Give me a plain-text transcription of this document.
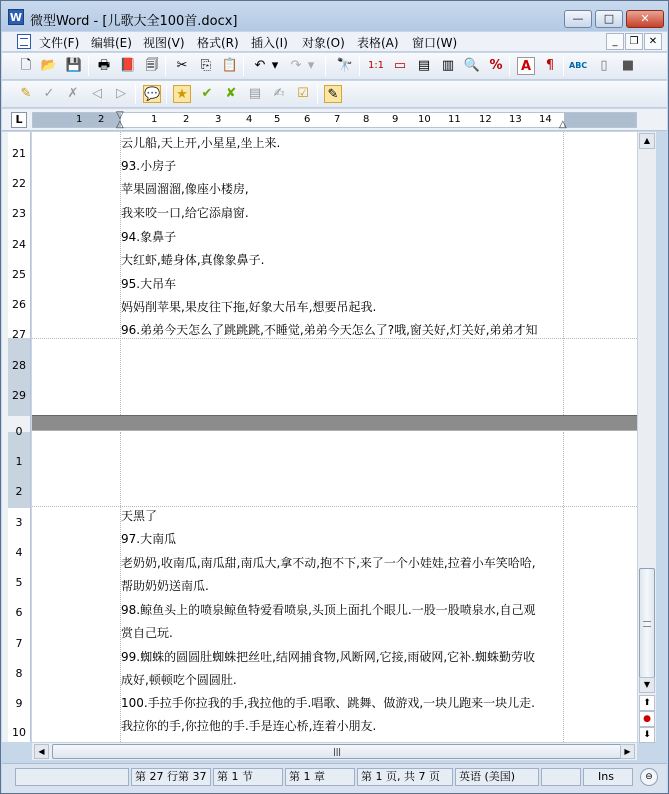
W 微型Word - [儿歌大全100首.docx]	—	□	✕
文件(F) 编辑(E) 视图(V) 格式(R) 插入(I) 对象(O) 表格(A) 窗口(W)	_	❐	✕
🗋 📂 💾 🖶 📕 🗐 ✂ ⎘ 📋 ↶ ▾ ↷ ▾ 🔭 1:1 ▭ ▤ ▥ 🔍 %	A	¶	ABC	▯	■
✎ ✓ ✗	◁	▷	💬 ★ ✔ ✘ ▤ ✍ ☑ ✎
L	1 2	1	2	3 4 5 6 7 8 9 10 11 12 13 14
▽
△	△
21
22
23
24
25
26
27
28
29
0
1
2
3
4
5
6
7
8
9
10
云儿船,天上开,小星星,坐上来.
93.小房子
苹果圆溜溜,像座小楼房,
我来咬一口,给它添扇窗.
94.象鼻子
大红虾,蜷身体,真像象鼻子.
95.大吊车
妈妈削苹果,果皮往下拖,好象大吊车,想要吊起我.
96.弟弟今天怎么了跳跳跳,不睡觉,弟弟今天怎么了?哦,窗关好,灯关好,弟弟才知
天黑了
97.大南瓜
老奶奶,收南瓜,南瓜甜,南瓜大,拿不动,抱不下,来了一个小娃娃,拉着小车笑哈哈,
帮助奶奶送南瓜.
98.鲸鱼头上的喷泉鲸鱼特爱看喷泉,头顶上面扎个眼儿.一股一股喷泉水,自己观
赏自己玩.
99.蜘蛛的圆圆肚蜘蛛把丝吐,结网捕食物,风断网,它接,雨破网,它补.蜘蛛勤劳收
成好,顿顿吃个圆圆肚.
100.手拉手你拉我的手,我拉他的手.唱歌、跳舞、做游戏,一块儿跑来一块儿走.
我拉你的手,你拉他的手.手是连心桥,连着小朋友.
▲
▼
⬆
●
⬇
◀	|||	▶
第 27 行第 37 第 1 节	第 1 章	第 1 页, 共 7 页	英语 (美国)	Ins	⊖
